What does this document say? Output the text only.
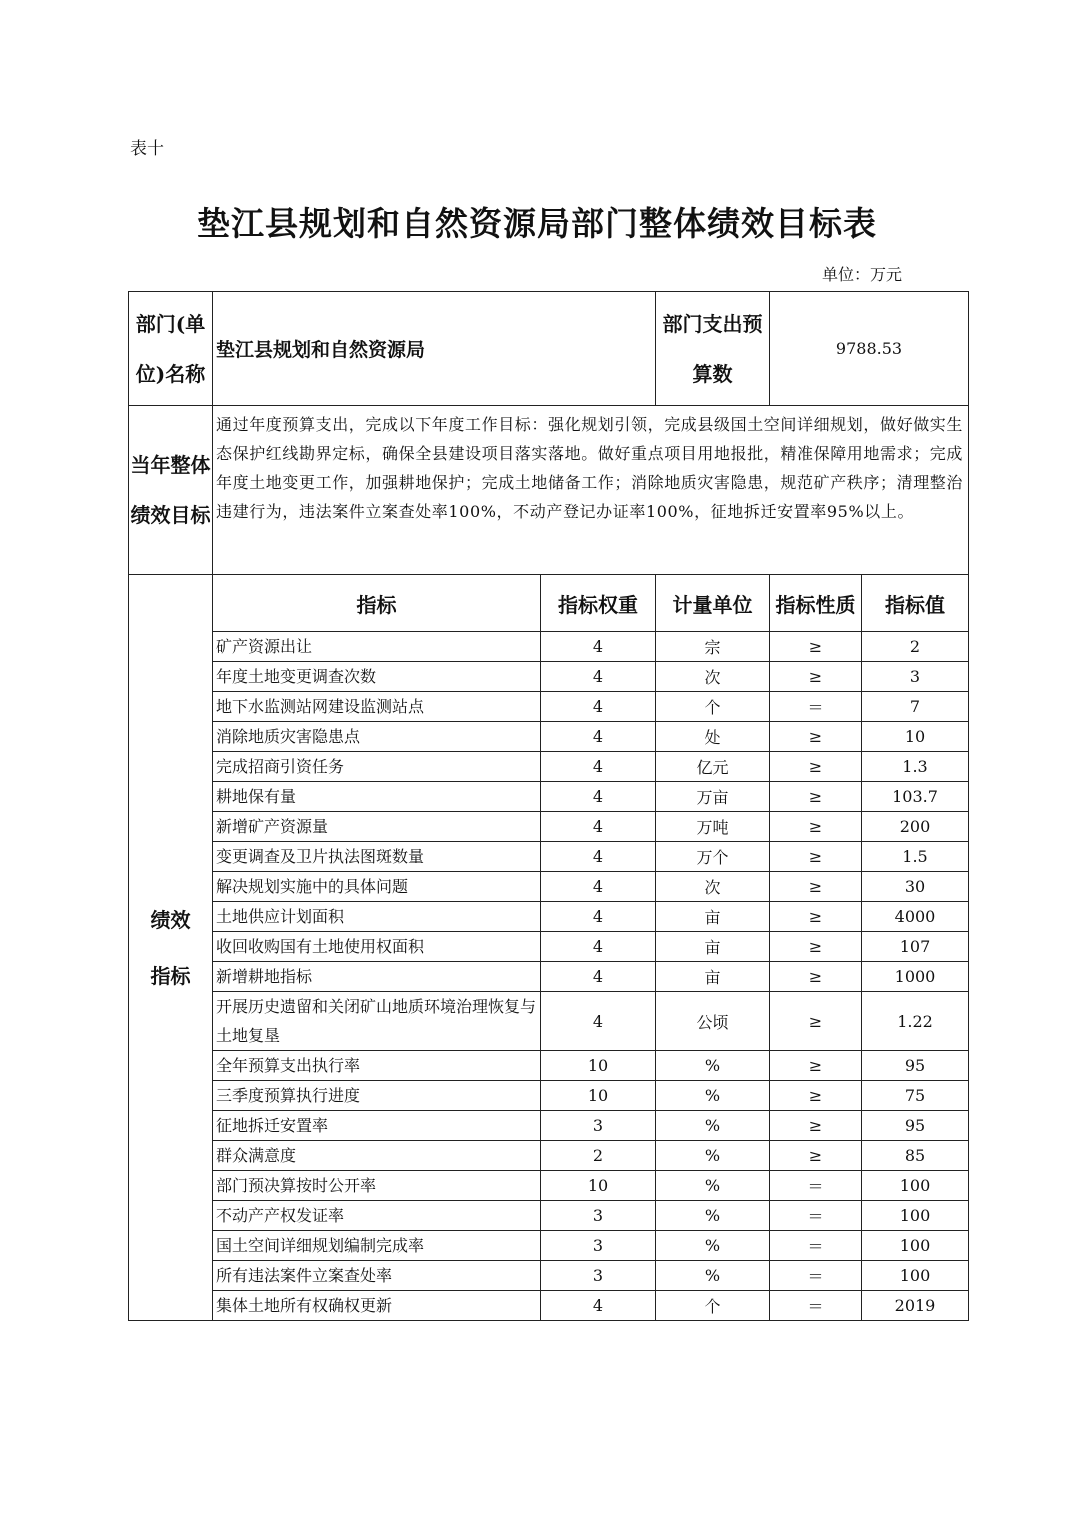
表十
垫江县规划和自然资源局部门整体绩效目标表
单位：万元
部门(单位)名称	垫江县规划和自然资源局		部门支出预算数	9788.53	
当年整体绩效目标	通过年度预算支出，完成以下年度工作目标：强化规划引领，完成县级国土空间详细规划，做好做实生态保护红线勘界定标，确保全县建设项目落实落地。做好重点项目用地报批，精准保障用地需求；完成年度土地变更工作，加强耕地保护；完成土地储备工作；消除地质灾害隐患，规范矿产秩序；清理整治违建行为，违法案件立案查处率100%，不动产登记办证率100%，征地拆迁安置率95%以上。				
绩效指标	指标	指标权重	计量单位	指标性质	指标值
	矿产资源出让	4	宗	≥	2
	年度土地变更调查次数	4	次	≥	3
	地下水监测站网建设监测站点	4	个	＝	7
	消除地质灾害隐患点	4	处	≥	10
	完成招商引资任务	4	亿元	≥	1.3
	耕地保有量	4	万亩	≥	103.7
	新增矿产资源量	4	万吨	≥	200
	变更调查及卫片执法图斑数量	4	万个	≥	1.5
	解决规划实施中的具体问题	4	次	≥	30
	土地供应计划面积	4	亩	≥	4000
	收回收购国有土地使用权面积	4	亩	≥	107
	新增耕地指标	4	亩	≥	1000
	开展历史遗留和关闭矿山地质环境治理恢复与土地复垦	4	公顷	≥	1.22
	全年预算支出执行率	10	%	≥	95
	三季度预算执行进度	10	%	≥	75
	征地拆迁安置率	3	%	≥	95
	群众满意度	2	%	≥	85
	部门预决算按时公开率	10	%	＝	100
	不动产产权发证率	3	%	＝	100
	国土空间详细规划编制完成率	3	%	＝	100
	所有违法案件立案查处率	3	%	＝	100
	集体土地所有权确权更新	4	个	＝	2019
